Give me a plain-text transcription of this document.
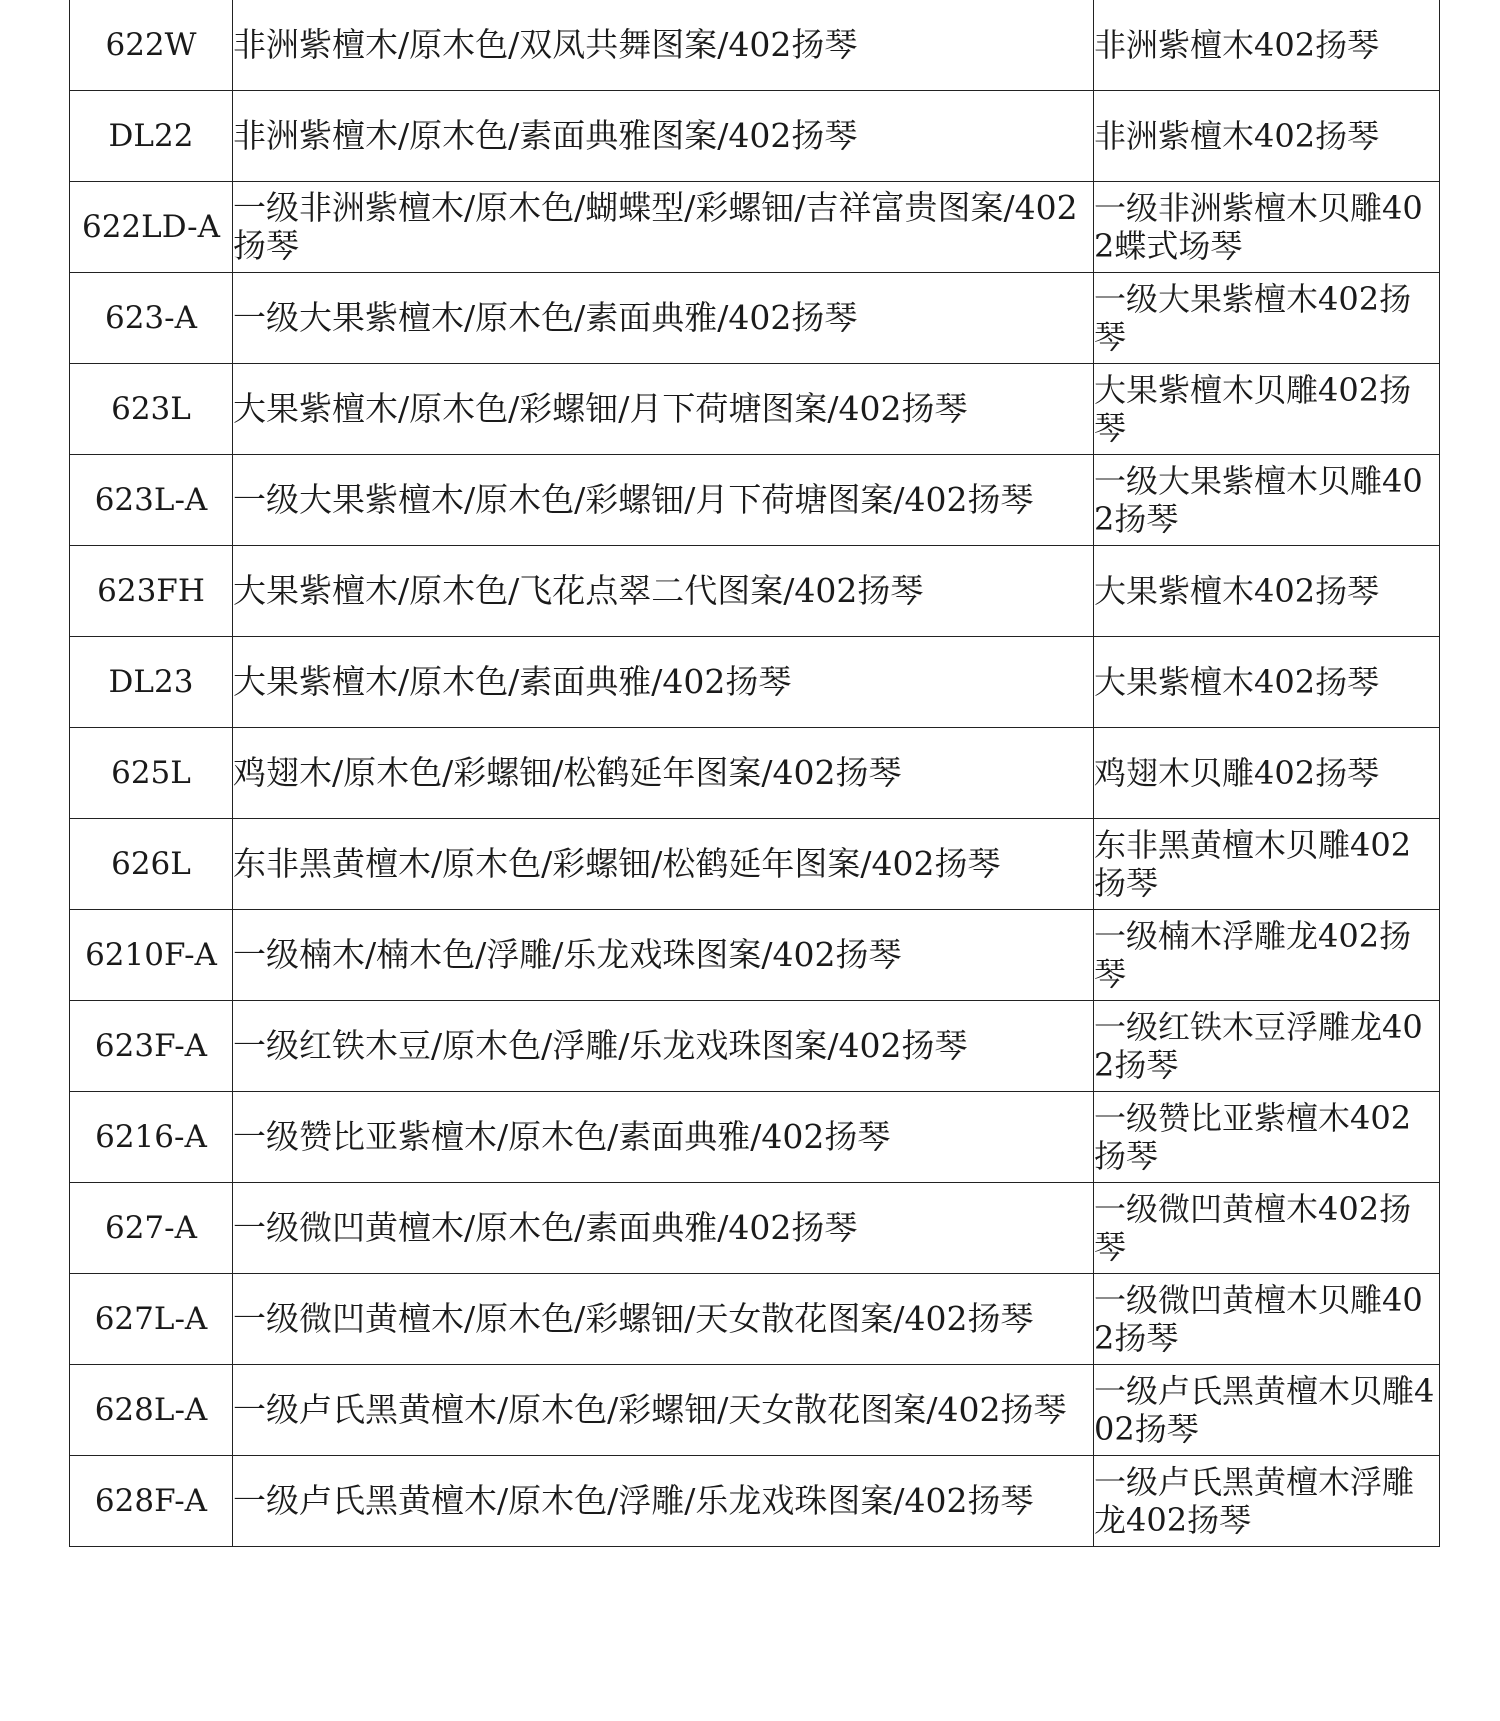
622W	非洲紫檀木/原木色/双凤共舞图案/402扬琴	非洲紫檀木402扬琴
DL22	非洲紫檀木/原木色/素面典雅图案/402扬琴	非洲紫檀木402扬琴
622LD-A	一级非洲紫檀木/原木色/蝴蝶型/彩螺钿/吉祥富贵图案/402扬琴	一级非洲紫檀木贝雕402蝶式场琴
623-A	一级大果紫檀木/原木色/素面典雅/402扬琴	一级大果紫檀木402扬琴
623L	大果紫檀木/原木色/彩螺钿/月下荷塘图案/402扬琴	大果紫檀木贝雕402扬琴
623L-A	一级大果紫檀木/原木色/彩螺钿/月下荷塘图案/402扬琴	一级大果紫檀木贝雕402扬琴
623FH	大果紫檀木/原木色/飞花点翠二代图案/402扬琴	大果紫檀木402扬琴
DL23	大果紫檀木/原木色/素面典雅/402扬琴	大果紫檀木402扬琴
625L	鸡翅木/原木色/彩螺钿/松鹤延年图案/402扬琴	鸡翅木贝雕402扬琴
626L	东非黑黄檀木/原木色/彩螺钿/松鹤延年图案/402扬琴	东非黑黄檀木贝雕402扬琴
6210F-A	一级楠木/楠木色/浮雕/乐龙戏珠图案/402扬琴	一级楠木浮雕龙402扬琴
623F-A	一级红铁木豆/原木色/浮雕/乐龙戏珠图案/402扬琴	一级红铁木豆浮雕龙402扬琴
6216-A	一级赞比亚紫檀木/原木色/素面典雅/402扬琴	一级赞比亚紫檀木402扬琴
627-A	一级微凹黄檀木/原木色/素面典雅/402扬琴	一级微凹黄檀木402扬琴
627L-A	一级微凹黄檀木/原木色/彩螺钿/天女散花图案/402扬琴	一级微凹黄檀木贝雕402扬琴
628L-A	一级卢氏黑黄檀木/原木色/彩螺钿/天女散花图案/402扬琴	一级卢氏黑黄檀木贝雕402扬琴
628F-A	一级卢氏黑黄檀木/原木色/浮雕/乐龙戏珠图案/402扬琴	一级卢氏黑黄檀木浮雕龙402扬琴
